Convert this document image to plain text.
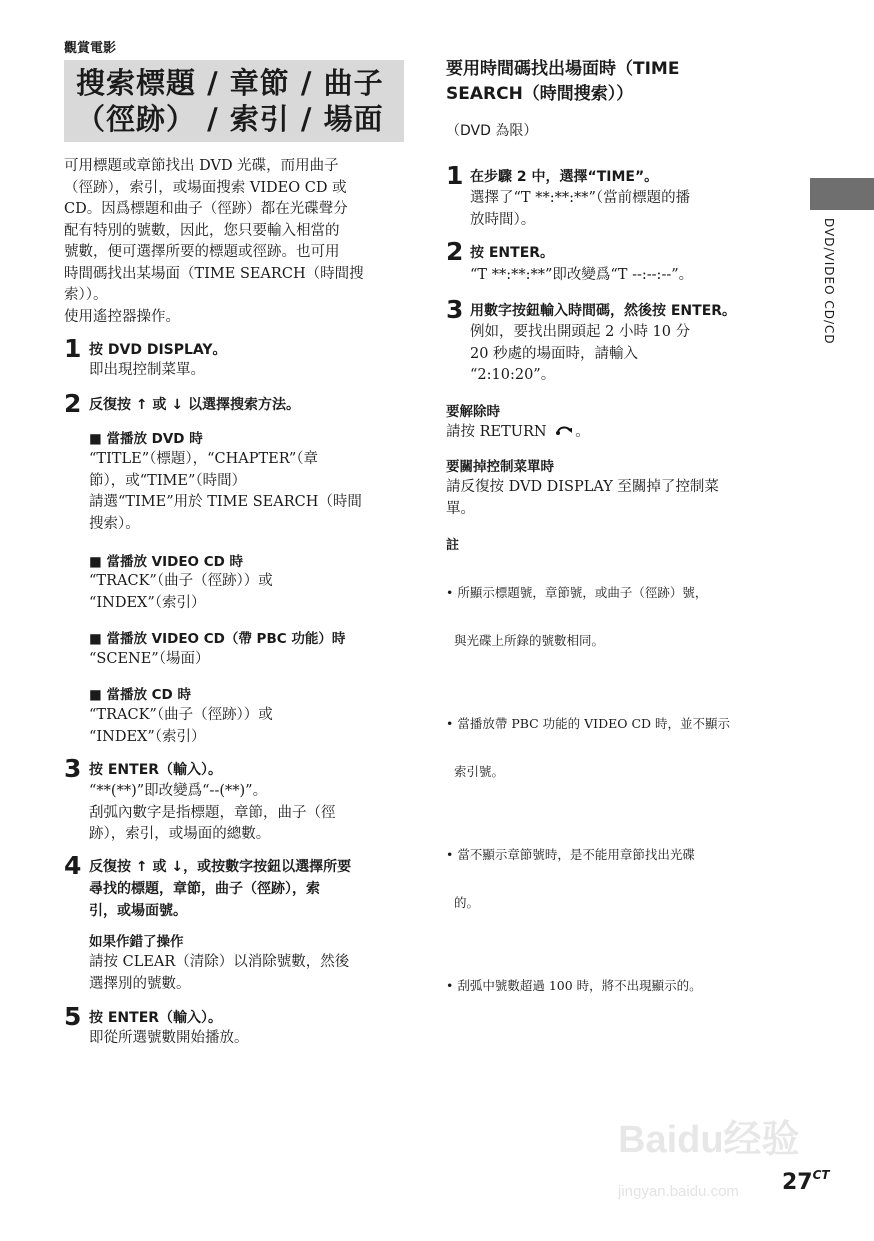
觀賞電影
搜索標題 / 章節 / 曲子
（徑跡） / 索引 / 場面
可用標題或章節找出 DVD 光碟，而用曲子
（徑跡），索引，或場面搜索 VIDEO CD 或
CD。因爲標題和曲子（徑跡）都在光碟聲分
配有特別的號數，因此，您只要輸入相當的
號數，便可選擇所要的標題或徑跡。也可用
時間碼找出某場面（TIME SEARCH（時間搜
索））。
使用遙控器操作。
1 按 DVD DISPLAY。
即出現控制菜單。
2 反復按 ↑ 或 ↓ 以選擇搜索方法。
■ 當播放 DVD 時
“TITLE”（標題），“CHAPTER”（章
節），或“TIME”（時間）
請選“TIME”用於 TIME SEARCH（時間
搜索）。
■ 當播放 VIDEO CD 時
“TRACK”（曲子（徑跡））或
“INDEX”（索引）
■ 當播放 VIDEO CD（帶 PBC 功能）時
“SCENE”（場面）
■ 當播放 CD 時
“TRACK”（曲子（徑跡））或
“INDEX”（索引）
3 按 ENTER（輸入）。
“**(**)”即改變爲“--(**)”。
刮弧內數字是指標題，章節，曲子（徑
跡），索引，或場面的總數。
4 反復按 ↑ 或 ↓，或按數字按鈕以選擇所要
尋找的標題，章節，曲子（徑跡），索
引，或場面號。
如果作錯了操作
請按 CLEAR（清除）以消除號數，然後
選擇別的號數。
5 按 ENTER（輸入）。
即從所選號數開始播放。
要用時間碼找出場面時（TIME
SEARCH（時間搜索））
（DVD 為限）
1 在步驟 2 中，選擇“TIME”。
選擇了“T **:**:**”（當前標題的播
放時間）。
2 按 ENTER。
“T **:**:**”即改變爲“T --:--:--”。
3 用數字按鈕輸入時間碼，然後按 ENTER。
例如，要找出開頭起 2 小時 10 分
20 秒處的場面時，請輸入
“2:10:20”。
要解除時
請按 RETURN 。
要關掉控制菜單時
請反復按 DVD DISPLAY 至關掉了控制菜
單。
註

• 所顯示標題號，章節號，或曲子（徑跡）號，

與光碟上所錄的號數相同。

• 當播放帶 PBC 功能的 VIDEO CD 時，並不顯示

索引號。

• 當不顯示章節號時，是不能用章節找出光碟

的。

• 刮弧中號數超過 100 時，將不出現顯示的。

DVD/VIDEO CD/CD
Baidu经验
jingyan.baidu.com	$27^{CT}$
